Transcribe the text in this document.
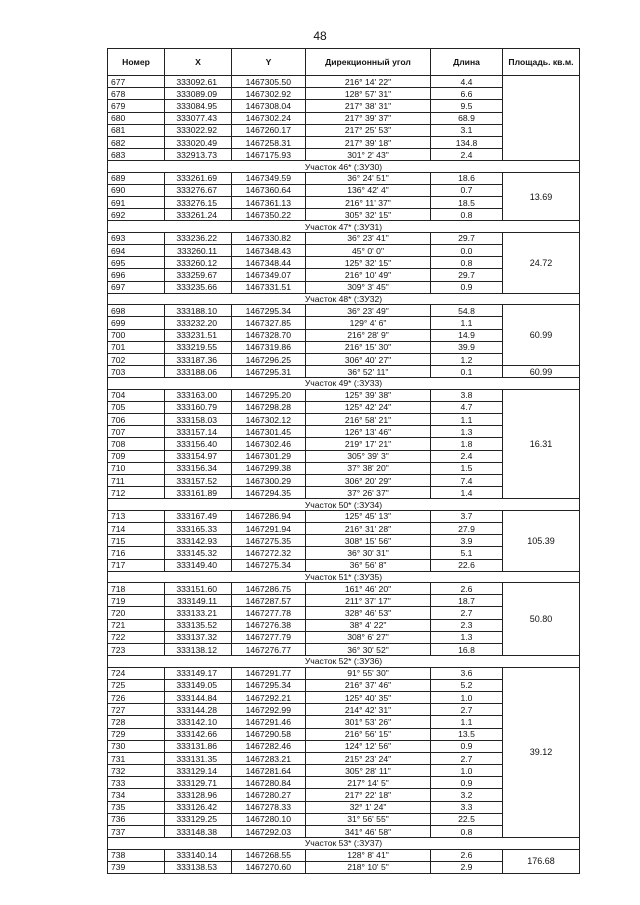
48
Номер	X	Y	Дирекционный угол	Длина	Площадь. кв.м.
677	333092.61	1467305.50	216° 14' 22"	4.4	
678	333089.09	1467302.92	128° 57' 31"	6.6	
679	333084.95	1467308.04	217° 38' 31"	9.5	
680	333077.43	1467302.24	217° 39' 37"	68.9	
681	333022.92	1467260.17	217° 25' 53"	3.1	
682	333020.49	1467258.31	217° 39' 18"	134.8	
683	332913.73	1467175.93	301° 2' 43"	2.4	
Участок 46* (:ЗУ30)					
689	333261.69	1467349.59	36° 24' 51"	18.6	13.69
690	333276.67	1467360.64	136° 42' 4"	0.7	
691	333276.15	1467361.13	216° 11' 37"	18.5	
692	333261.24	1467350.22	305° 32' 15"	0.8	
Участок 47* (:ЗУ31)					
693	333236.22	1467330.82	36° 23' 41"	29.7	24.72
694	333260.11	1467348.43	45° 0' 0"	0.0	
695	333260.12	1467348.44	125° 32' 15"	0.8	
696	333259.67	1467349.07	216° 10' 49"	29.7	
697	333235.66	1467331.51	309° 3' 45"	0.9	
Участок 48* (:ЗУ32)					
698	333188.10	1467295.34	36° 23' 49"	54.8	60.99
699	333232.20	1467327.85	129° 4' 6"	1.1	
700	333231.51	1467328.70	216° 28' 9"	14.9	
701	333219.55	1467319.86	216° 15' 30"	39.9	
702	333187.36	1467296.25	306° 40' 27"	1.2	
703	333188.06	1467295.31	36° 52' 11"	0.1	60.99
Участок 49* (:ЗУ33)					
704	333163.00	1467295.20	125° 39' 38"	3.8	16.31
705	333160.79	1467298.28	125° 42' 24"	4.7	
706	333158.03	1467302.12	216° 58' 21"	1.1	
707	333157.14	1467301.45	126° 13' 46"	1.3	
708	333156.40	1467302.46	219° 17' 21"	1.8	
709	333154.97	1467301.29	305° 39' 3"	2.4	
710	333156.34	1467299.38	37° 38' 20"	1.5	
711	333157.52	1467300.29	306° 20' 29"	7.4	
712	333161.89	1467294.35	37° 26' 37"	1.4	
Участок 50* (:ЗУ34)					
713	333167.49	1467286.94	125° 45' 13"	3.7	105.39
714	333165.33	1467291.94	216° 31' 28"	27.9	
715	333142.93	1467275.35	308° 15' 56"	3.9	
716	333145.32	1467272.32	36° 30' 31"	5.1	
717	333149.40	1467275.34	36° 56' 8"	22.6	
Участок 51* (:ЗУ35)					
718	333151.60	1467286.75	161° 46' 20"	2.6	50.80
719	333149.11	1467287.57	211° 37' 17"	18.7	
720	333133.21	1467277.78	328° 46' 53"	2.7	
721	333135.52	1467276.38	38° 4' 22"	2.3	
722	333137.32	1467277.79	308° 6' 27"	1.3	
723	333138.12	1467276.77	36° 30' 52"	16.8	
Участок 52* (:ЗУ36)					
724	333149.17	1467291.77	91° 55' 30"	3.6	39.12
725	333149.05	1467295.34	216° 37' 46"	5.2	
726	333144.84	1467292.21	125° 40' 35"	1.0	
727	333144.28	1467292.99	214° 42' 31"	2.7	
728	333142.10	1467291.46	301° 53' 26"	1.1	
729	333142.66	1467290.58	216° 56' 15"	13.5	
730	333131.86	1467282.46	124° 12' 56"	0.9	
731	333131.35	1467283.21	215° 23' 24"	2.7	
732	333129.14	1467281.64	305° 28' 11"	1.0	
733	333129.71	1467280.84	217° 14' 5"	0.9	
734	333128.96	1467280.27	217° 22' 18"	3.2	
735	333126.42	1467278.33	32° 1' 24"	3.3	
736	333129.25	1467280.10	31° 56' 55"	22.5	
737	333148.38	1467292.03	341° 46' 58"	0.8	
Участок 53* (:ЗУ37)					
738	333140.14	1467268.55	128° 8' 41"	2.6	176.68
739	333138.53	1467270.60	218° 10' 5"	2.9	
